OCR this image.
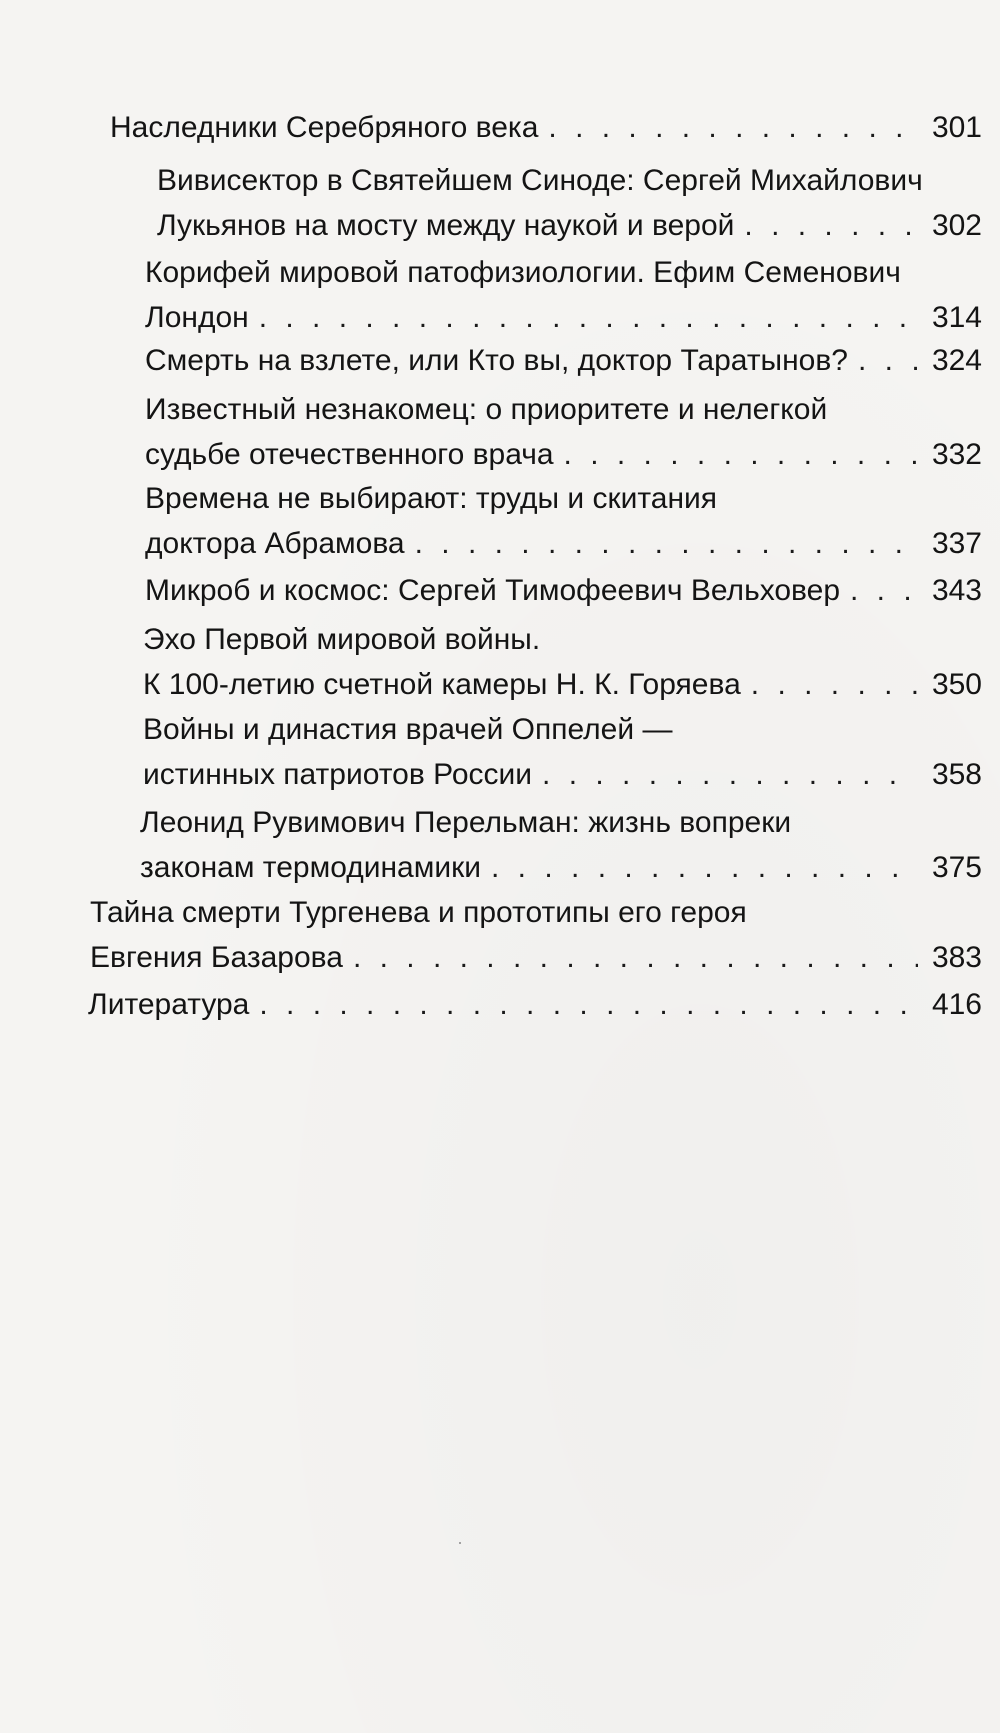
Наследники Серебряного века . . .	301
Вивисектор в Святейшем Синоде: Сергей Михайлович
Лукьянов на мосту между наукой и верой . . .	302
Корифей мировой патофизиологии. Ефим Семенович
Лондон . . .	314
Смерть на взлете, или Кто вы, доктор Таратынов? . . .	324
Известный незнакомец: о приоритете и нелегкой
судьбе отечественного врача . . .	332
Времена не выбирают: труды и скитания
доктора Абрамова . . .	337
Микроб и космос: Сергей Тимофеевич Вельховер . . .	343
Эхо Первой мировой войны.
К 100-летию счетной камеры Н. К. Горяева . . .	350
Войны и династия врачей Оппелей —
истинных патриотов России . . .	358
Леонид Рувимович Перельман: жизнь вопреки
законам термодинамики . . .	375
Тайна смерти Тургенева и прототипы его героя
Евгения Базарова . . .	383
Литература . . .	416
